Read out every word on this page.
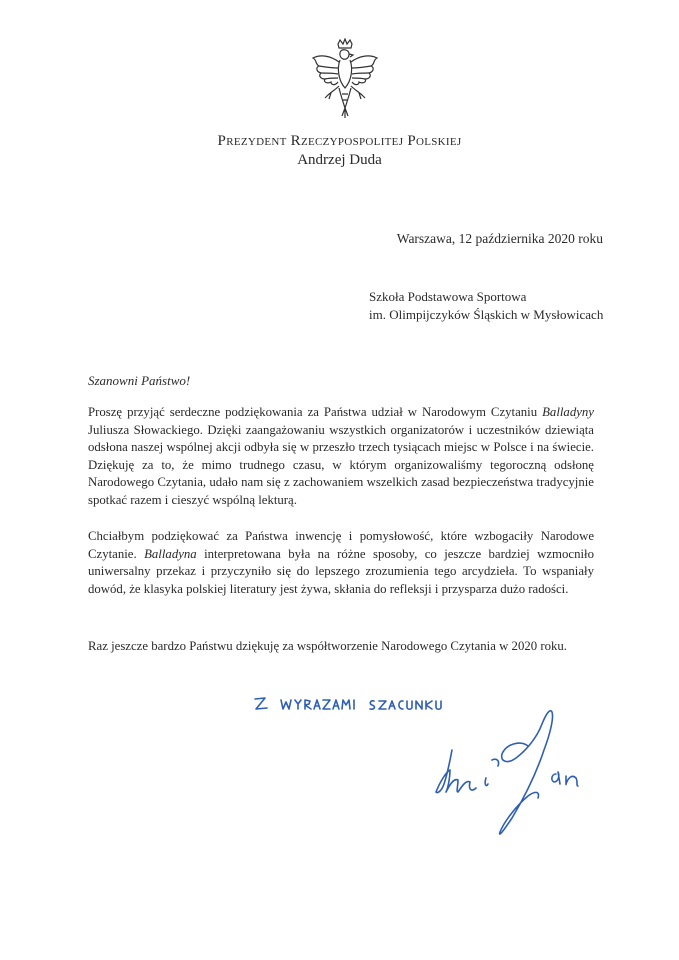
Prezydent Rzeczypospolitej Polskiej
Andrzej Duda
Warszawa, 12 października 2020 roku
Szkoła Podstawowa Sportowa
im. Olimpijczyków Śląskich w Mysłowicach
Szanowni Państwo!
Proszę przyjąć serdeczne podziękowania za Państwa udział w Narodowym Czytaniu Balladyny Juliusza Słowackiego. Dzięki zaangażowaniu wszystkich organizatorów i uczestników dziewiąta odsłona naszej wspólnej akcji odbyła się w przeszło trzech tysiącach miejsc w Polsce i na świecie. Dziękuję za to, że mimo trudnego czasu, w którym organizowaliśmy tegoroczną odsłonę Narodowego Czytania, udało nam się z zachowaniem wszelkich zasad bezpieczeństwa tradycyjnie spotkać razem i cieszyć wspólną lekturą.
Chciałbym podziękować za Państwa inwencję i pomysłowość, które wzbogaciły Narodowe Czytanie. Balladyna interpretowana była na różne sposoby, co jeszcze bardziej wzmocniło uniwersalny przekaz i przyczyniło się do lepszego zrozumienia tego arcydzieła. To wspaniały dowód, że klasyka polskiej literatury jest żywa, skłania do refleksji i przysparza dużo radości.
Raz jeszcze bardzo Państwu dziękuję za współtworzenie Narodowego Czytania w 2020 roku.
